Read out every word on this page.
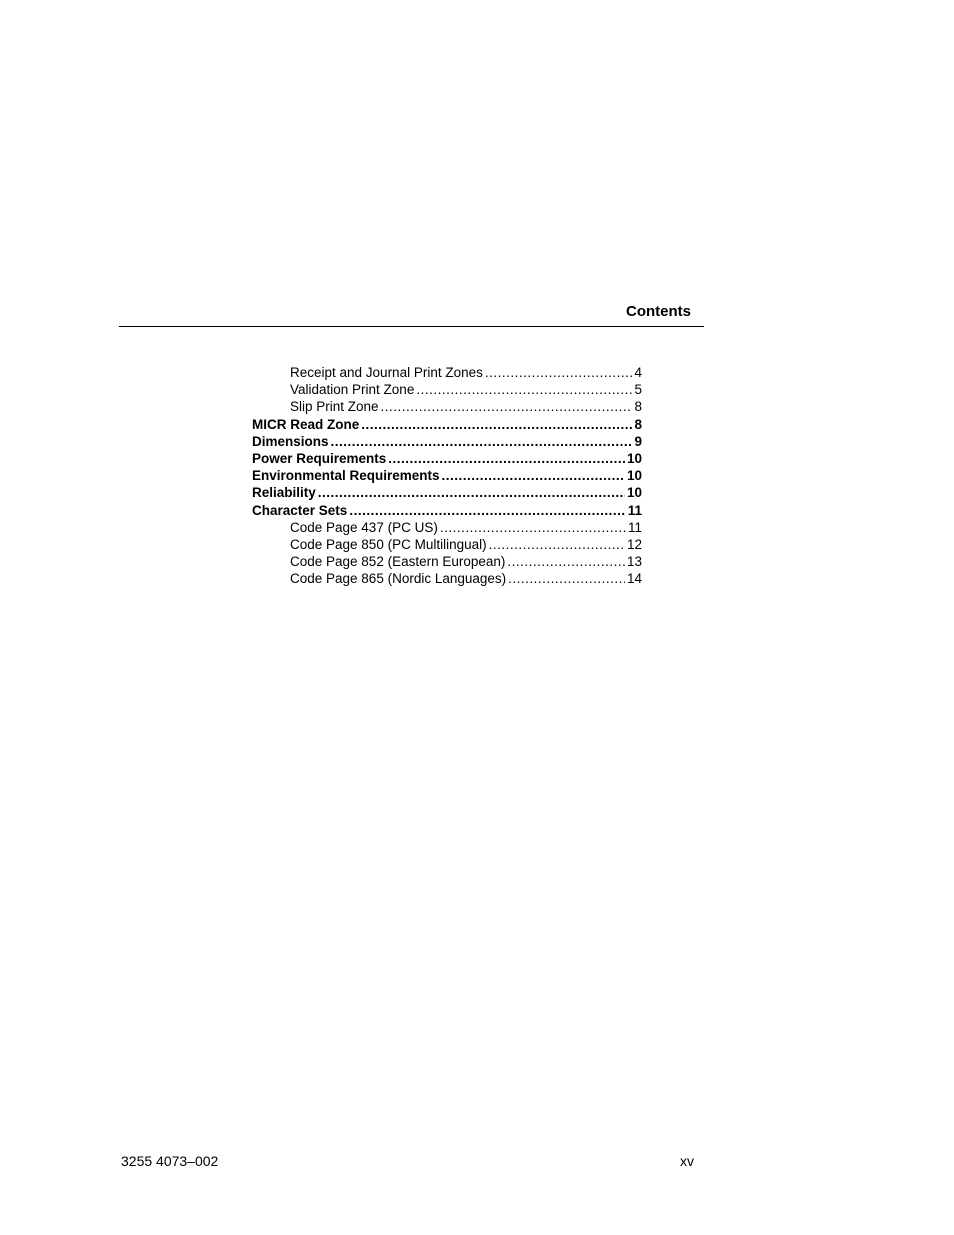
Contents
Receipt and Journal Print Zones .....	4
Validation Print Zone .....	5
Slip Print Zone .....	8
MICR Read Zone .....	8
Dimensions .....	9
Power Requirements .....	10
Environmental Requirements .....	10
Reliability .....	10
Character Sets .....	11
Code Page 437 (PC US) .....	11
Code Page 850 (PC Multilingual) .....	12
Code Page 852 (Eastern European) .....	13
Code Page 865 (Nordic Languages) .....	14
3255 4073–002	xv
